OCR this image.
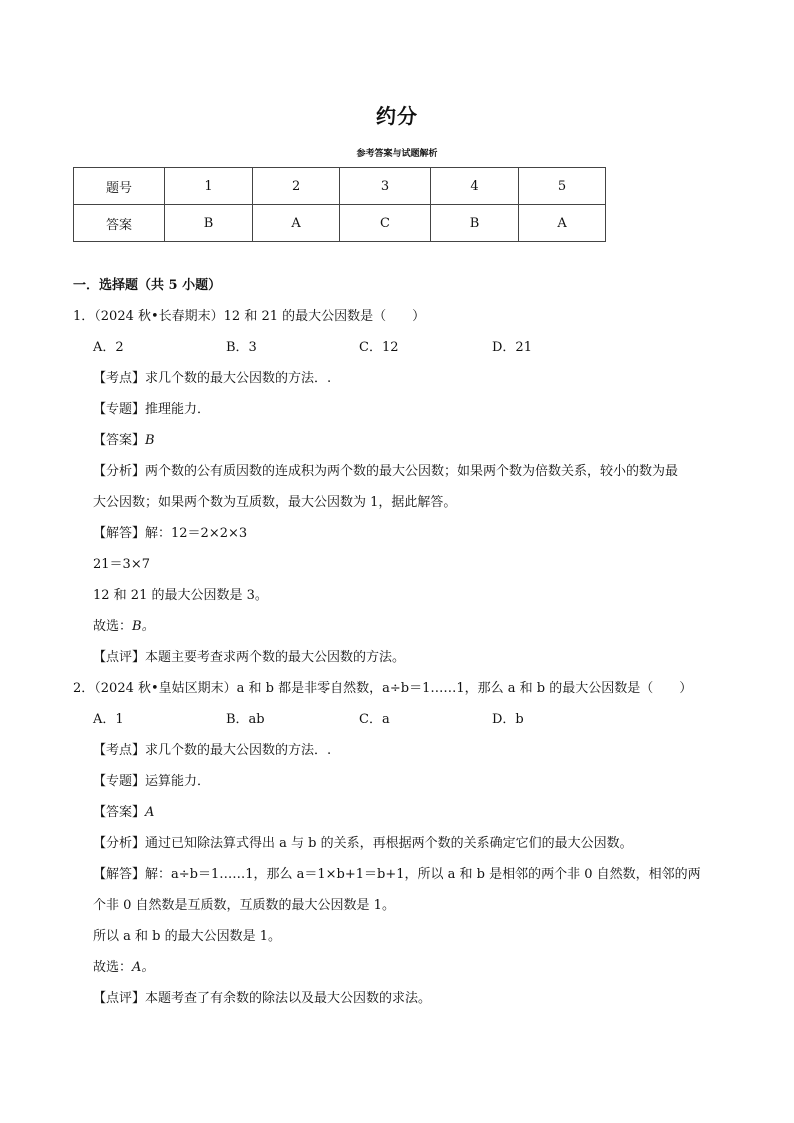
约分
参考答案与试题解析
题号	1	2	3	4	5
答案	B	A	C	B	A

一．选择题（共 5 小题）

1．（2024 秋•长春期末）12 和 21 的最大公因数是（　　）

A．2	B．3	C．12	D．21

【考点】求几个数的最大公因数的方法．.

【专题】推理能力．

【答案】B

【分析】两个数的公有质因数的连成积为两个数的最大公因数；如果两个数为倍数关系，较小的数为最

大公因数；如果两个数为互质数，最大公因数为 1，据此解答。

【解答】解：12＝2×2×3

21＝3×7

12 和 21 的最大公因数是 3。

故选：B。

【点评】本题主要考查求两个数的最大公因数的方法。

2．（2024 秋•皇姑区期末）a 和 b 都是非零自然数，a÷b＝1……1，那么 a 和 b 的最大公因数是（　　）

A．1	B．ab	C．a	D．b

【考点】求几个数的最大公因数的方法．.

【专题】运算能力．

【答案】A

【分析】通过已知除法算式得出 a 与 b 的关系，再根据两个数的关系确定它们的最大公因数。

【解答】解：a÷b＝1……1，那么 a＝1×b+1＝b+1，所以 a 和 b 是相邻的两个非 0 自然数，相邻的两

个非 0 自然数是互质数，互质数的最大公因数是 1。

所以 a 和 b 的最大公因数是 1。

故选：A。

【点评】本题考查了有余数的除法以及最大公因数的求法。
